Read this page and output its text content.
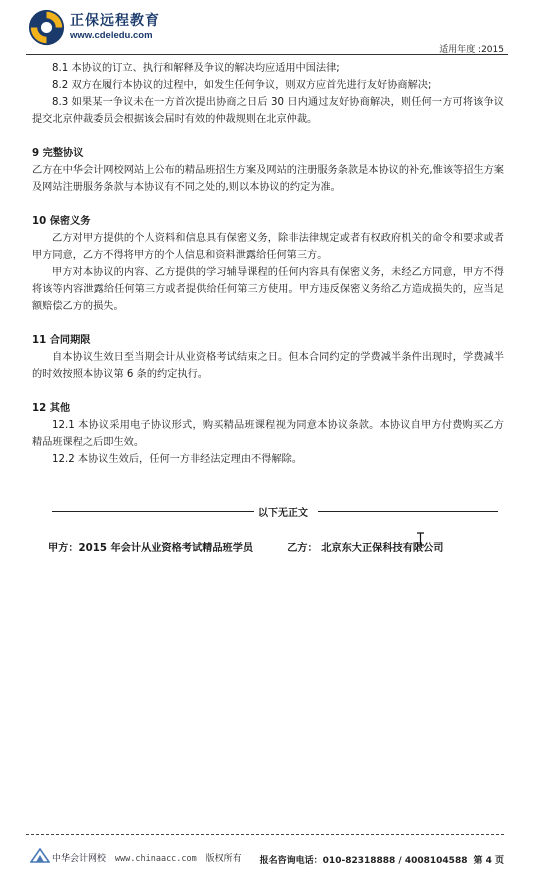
正保远程教育
www.cdeledu.com
适用年度 :2015

8.1 本协议的订立、执行和解释及争议的解决均应适用中国法律;

8.2 双方在履行本协议的过程中，如发生任何争议，则双方应首先进行友好协商解决;

8.3 如果某一争议未在一方首次提出协商之日后 30 日内通过友好协商解决，则任何一方可将该争议提交北京仲裁委员会根据该会届时有效的仲裁规则在北京仲裁。

9 完整协议

乙方在中华会计网校网站上公布的精品班招生方案及网站的注册服务条款是本协议的补充,惟该等招生方案及网站注册服务条款与本协议有不同之处的,则以本协议的约定为准。

10 保密义务

乙方对甲方提供的个人资料和信息具有保密义务，除非法律规定或者有权政府机关的命令和要求或者甲方同意，乙方不得将甲方的个人信息和资料泄露给任何第三方。

甲方对本协议的内容、乙方提供的学习辅导课程的任何内容具有保密义务，未经乙方同意，甲方不得将该等内容泄露给任何第三方或者提供给任何第三方使用。甲方违反保密义务给乙方造成损失的，应当足额赔偿乙方的损失。

11 合同期限

自本协议生效日至当期会计从业资格考试结束之日。但本合同约定的学费减半条件出现时，学费减半的时效按照本协议第 6 条的约定执行。

12 其他

12.1 本协议采用电子协议形式，购买精品班课程视为同意本协议条款。本协议自甲方付费购买乙方精品班课程之后即生效。

12.2 本协议生效后，任何一方非经法定理由不得解除。

以下无正文
甲方：2015 年会计从业资格考试精品班学员	乙方： 北京东大正保科技有限公司
中华会计网校 www.chinaacc.com 版权所有 报名咨询电话：010-82318888 / 4008104588 第 4 页
